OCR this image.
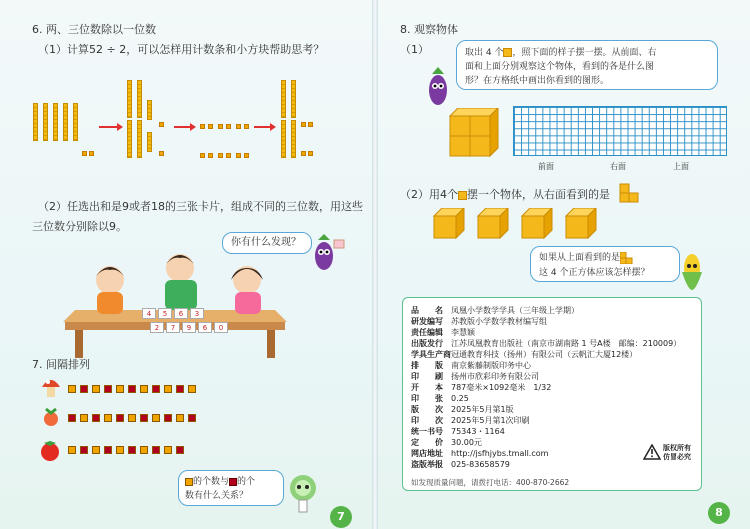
6. 两、三位数除以一位数
（1）计算52 ÷ 2，可以怎样用计数条和小方块帮助思考？
（2）任选出和是9或者18的三张卡片，组成不同的三位数，用这些
三位数分别除以9。
你有什么发现？
4	5	6	3
2	7	9	6	0
7. 间隔排列
的个数与 的个
数有什么关系？
7
8. 观察物体
（1）	取出 4 个 ，照下面的样子摆一摆。从前面、右
面和上面分别观察这个物体，看到的各是什么图
形？在方格纸中画出你看到的图形。
前面	右面	上面
（2）用4个 摆一个物体，从右面看到的是
如果从上面看到的是
这 4 个正方体应该怎样摆？
品　　名 凤凰小学数学学具（三年级上学期）
研发编写 苏教版小学数学教材编写组
责任编辑 李慧颖
出版发行 江苏凤凰教育出版社（南京市湖南路 1 号A楼　邮编：210009）
学具生产商冠通教育科技（扬州）有限公司（云帆汇大厦12楼）
排　　版 南京紫藤制版印务中心
印　　刷 扬州市欣彩印务有限公司
开　　本 787毫米×1092毫米　1/32
印　　张 0.25
版　　次 2025年5月第1版
印　　次 2025年5月第1次印刷
统一书号 75343・1164
定　　价 30.00元
网店地址 http://jsfhjybs.tmall.com
盗版举报 025-83658579
版权所有
仿冒必究
如发现质量问题，请拨打电话：400-870-2662
8
